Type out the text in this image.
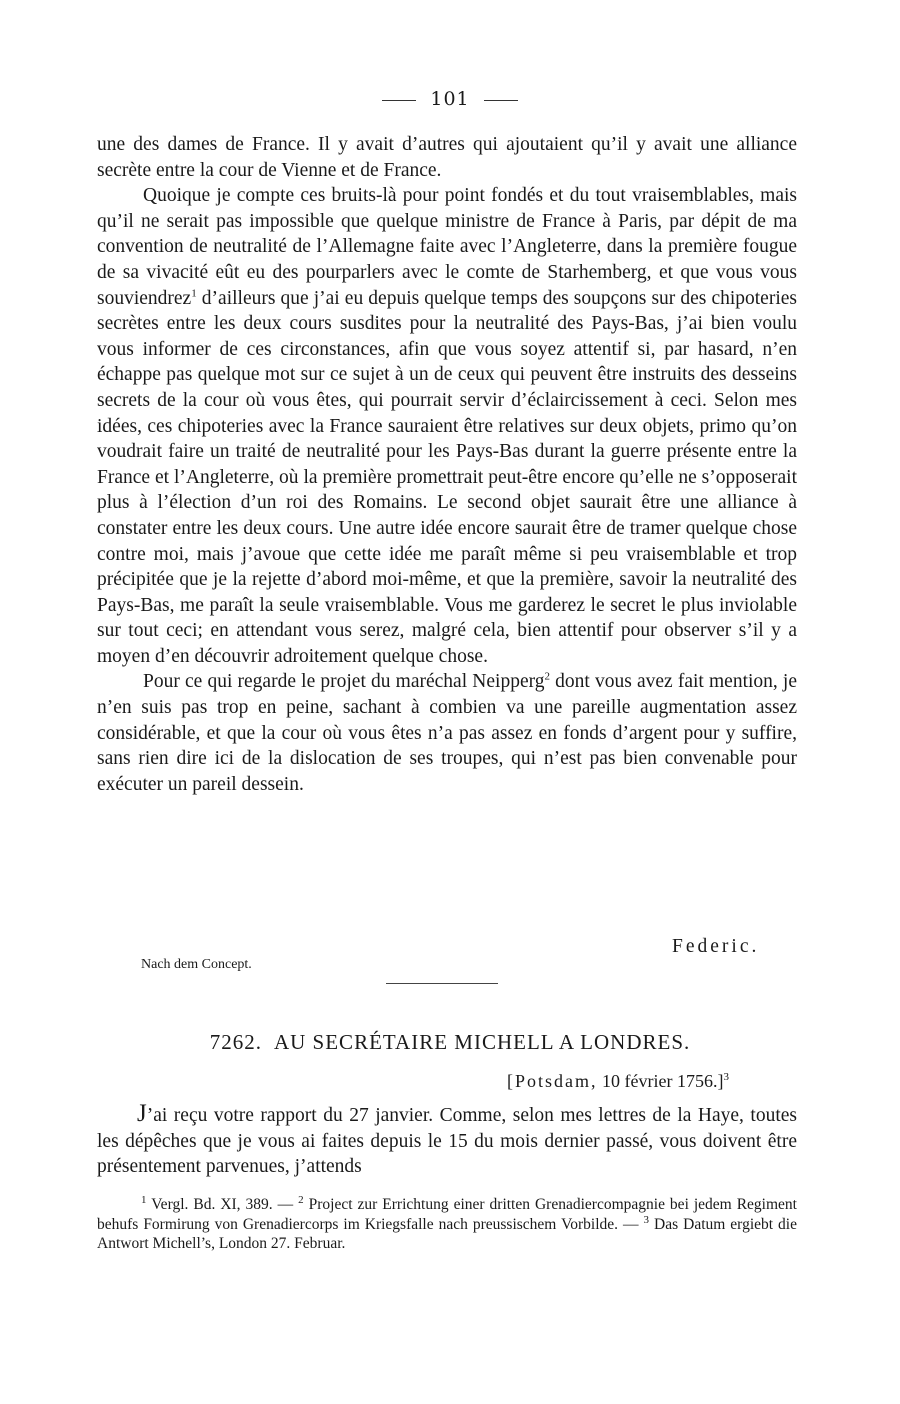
101

une des dames de France. Il y avait d’autres qui ajoutaient qu’il y avait une alliance secrète entre la cour de Vienne et de France.

Quoique je compte ces bruits-là pour point fondés et du tout vraisemblables, mais qu’il ne serait pas impossible que quelque ministre de France à Paris, par dépit de ma convention de neutralité de l’Allemagne faite avec l’Angleterre, dans la première fougue de sa vivacité eût eu des pourparlers avec le comte de Starhemberg, et que vous vous souviendrez$^1$ d’ailleurs que j’ai eu depuis quelque temps des soupçons sur des chipoteries secrètes entre les deux cours susdites pour la neutralité des Pays-Bas, j’ai bien voulu vous informer de ces circonstances, afin que vous soyez attentif si, par hasard, n’en échappe pas quelque mot sur ce sujet à un de ceux qui peuvent être instruits des desseins secrets de la cour où vous êtes, qui pourrait servir d’éclaircissement à ceci. Selon mes idées, ces chipoteries avec la France sauraient être relatives sur deux objets, primo qu’on voudrait faire un traité de neutralité pour les Pays-Bas durant la guerre présente entre la France et l’Angleterre, où la première promettrait peut-être encore qu’elle ne s’opposerait plus à l’élection d’un roi des Romains. Le second objet saurait être une alliance à constater entre les deux cours. Une autre idée encore saurait être de tramer quelque chose contre moi, mais j’avoue que cette idée me paraît même si peu vraisemblable et trop précipitée que je la rejette d’abord moi-même, et que la première, savoir la neutralité des Pays-Bas, me paraît la seule vraisemblable. Vous me garderez le secret le plus inviolable sur tout ceci; en attendant vous serez, malgré cela, bien attentif pour observer s’il y a moyen d’en découvrir adroitement quelque chose.

Pour ce qui regarde le projet du maréchal Neipperg$^2$ dont vous avez fait mention, je n’en suis pas trop en peine, sachant à combien va une pareille augmentation assez considérable, et que la cour où vous êtes n’a pas assez en fonds d’argent pour y suffire, sans rien dire ici de la dislocation de ses troupes, qui n’est pas bien convenable pour exécuter un pareil dessein.

Federic.
Nach dem Concept.
7262. AU SECRÉTAIRE MICHELL A LONDRES.
[Potsdam, 10 février 1756.]$^3$

J’ai reçu votre rapport du 27 janvier. Comme, selon mes lettres de la Haye, toutes les dépêches que je vous ai faites depuis le 15 du mois dernier passé, vous doivent être présentement parvenues, j’attends

$^1$ Vergl. Bd. XI, 389. — $^2$ Project zur Errichtung einer dritten Grenadiercompagnie bei jedem Regiment behufs Formirung von Grenadiercorps im Kriegsfalle nach preussischem Vorbilde. — $^3$ Das Datum ergiebt die Antwort Michell’s, London 27. Februar.
